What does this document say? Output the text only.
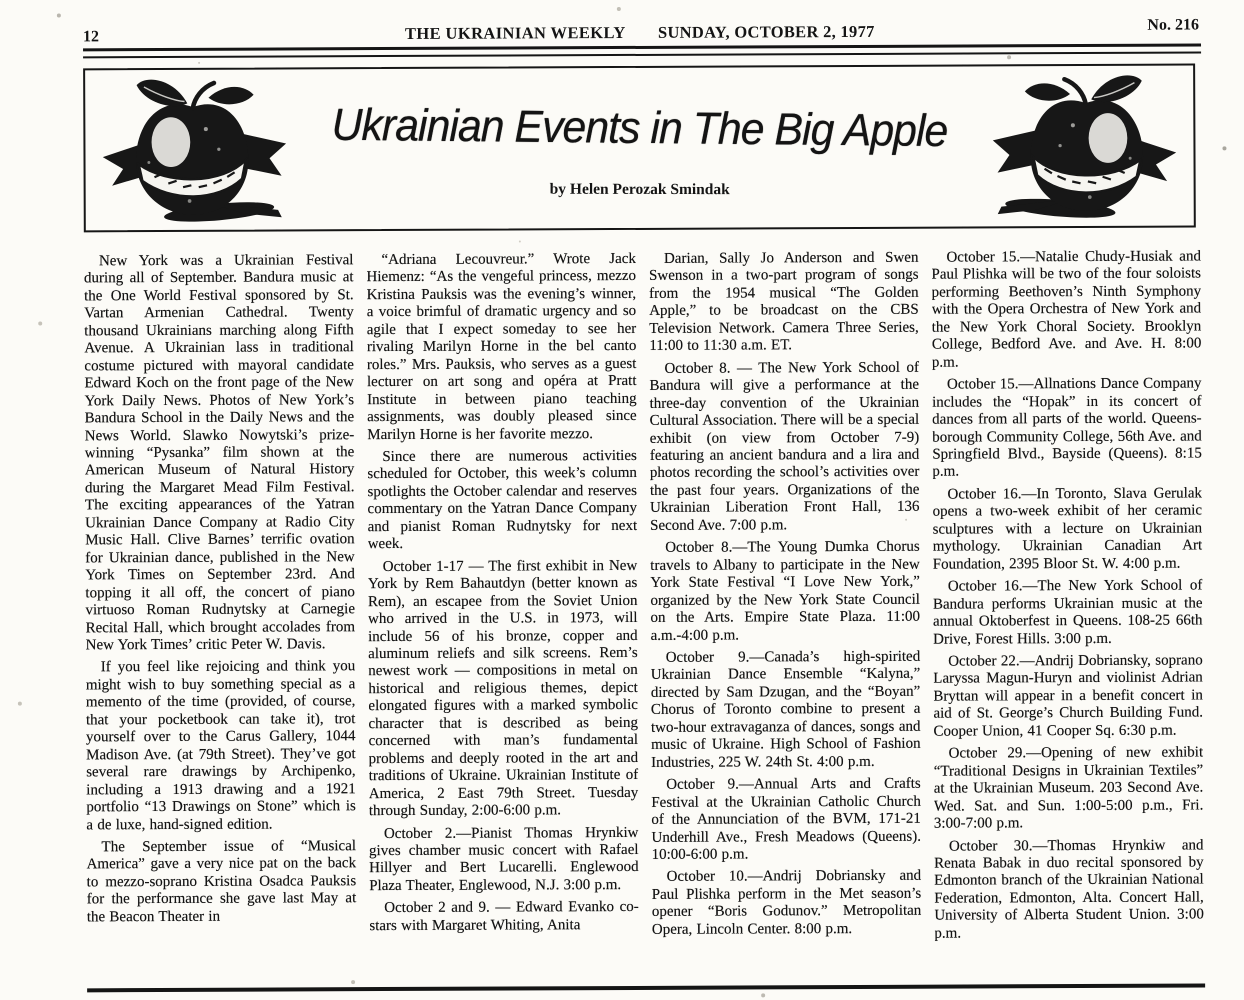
12	THE UKRAINIAN WEEKLY SUNDAY, OCTOBER 2, 1977	No. 216
Ukrainian Events in The Big Apple
by Helen Perozak Smindak

New York was a Ukrainian Festival during all of September. Bandura music at the One World Festival sponsored by St. Vartan Armenian Cathedral. Twenty thousand Ukrainians marching along Fifth Avenue. A Ukrainian lass in traditional costume pictured with mayoral candidate Edward Koch on the front page of the New York Daily News. Photos of New York’s Bandura School in the Daily News and the News World. Slawko Nowytski’s prize-winning “Pysanka” film shown at the American Museum of Natural History during the Margaret Mead Film Festival. The exciting appearances of the Yatran Ukrainian Dance Company at Radio City Music Hall. Clive Barnes’ terrific ovation for Ukrainian dance, published in the New York Times on September 23rd. And topping it all off, the concert of piano virtuoso Roman Rudnytsky at Carnegie Recital Hall, which brought accolades from New York Times’ critic Peter W. Davis.

If you feel like rejoicing and think you might wish to buy something special as a memento of the time (provided, of course, that your pocketbook can take it), trot yourself over to the Carus Gallery, 1044 Madison Ave. (at 79th Street). They’ve got several rare drawings by Archipenko, including a 1913 drawing and a 1921 portfolio “13 Drawings on Stone” which is a de luxe, hand-signed edition.

The September issue of “Musical America” gave a very nice pat on the back to mezzo-soprano Kristina Osadca Pauksis for the performance she gave last May at the Beacon Theater in

“Adriana Lecouvreur.” Wrote Jack Hiemenz: “As the vengeful princess, mezzo Kristina Pauksis was the evening’s winner, a voice brimful of dramatic urgency and so agile that I expect someday to see her rivaling Marilyn Horne in the bel canto roles.” Mrs. Pauksis, who serves as a guest lecturer on art song and opéra at Pratt Institute in between piano teaching assignments, was doubly pleased since Marilyn Horne is her favorite mezzo.

Since there are numerous activities scheduled for October, this week’s column spotlights the October calendar and reserves commentary on the Yatran Dance Company and pianist Roman Rudnytsky for next week.

October 1-17 — The first exhibit in New York by Rem Bahautdyn (better known as Rem), an escapee from the Soviet Union who arrived in the U.S. in 1973, will include 56 of his bronze, copper and aluminum reliefs and silk screens. Rem’s newest work — compositions in metal on historical and religious themes, depict elongated figures with a marked symbolic character that is described as being concerned with man’s fundamental problems and deeply rooted in the art and traditions of Ukraine. Ukrainian Institute of America, 2 East 79th Street. Tuesday through Sunday, 2:00-6:00 p.m.

October 2.—Pianist Thomas Hrynkiw gives chamber music concert with Rafael Hillyer and Bert Lucarelli. Englewood Plaza Theater, Englewood, N.J. 3:00 p.m.

October 2 and 9. — Edward Evanko co-stars with Margaret Whiting, Anita

Darian, Sally Jo Anderson and Swen Swenson in a two-part program of songs from the 1954 musical “The Golden Apple,” to be broadcast on the CBS Television Network. Camera Three Series, 11:00 to 11:30 a.m. ET.

October 8. — The New York School of Bandura will give a performance at the three-day convention of the Ukrainian Cultural Association. There will be a special exhibit (on view from October 7-9) featuring an ancient bandura and a lira and photos recording the school’s activities over the past four years. Organizations of the Ukrainian Liberation Front Hall, 136 Second Ave. 7:00 p.m.

October 8.—The Young Dumka Chorus travels to Albany to participate in the New York State Festival “I Love New York,” organized by the New York State Council on the Arts. Empire State Plaza. 11:00 a.m.-4:00 p.m.

October 9.—Canada’s high-spirited Ukrainian Dance Ensemble “Kalyna,” directed by Sam Dzugan, and the “Boyan” Chorus of Toronto combine to present a two-hour extravaganza of dances, songs and music of Ukraine. High School of Fashion Industries, 225 W. 24th St. 4:00 p.m.

October 9.—Annual Arts and Crafts Festival at the Ukrainian Catholic Church of the Annunciation of the BVM, 171-21 Underhill Ave., Fresh Meadows (Queens). 10:00-6:00 p.m.

October 10.—Andrij Dobriansky and Paul Plishka perform in the Met season’s opener “Boris Godunov.” Metropolitan Opera, Lincoln Center. 8:00 p.m.

October 15.—Natalie Chudy-Husiak and Paul Plishka will be two of the four soloists performing Beethoven’s Ninth Symphony with the Opera Orchestra of New York and the New York Choral Society. Brooklyn College, Bedford Ave. and Ave. H. 8:00 p.m.

October 15.—Allnations Dance Company includes the “Hopak” in its concert of dances from all parts of the world. Queens-borough Community College, 56th Ave. and Springfield Blvd., Bayside (Queens). 8:15 p.m.

October 16.—In Toronto, Slava Gerulak opens a two-week exhibit of her ceramic sculptures with a lecture on Ukrainian mythology. Ukrainian Canadian Art Foundation, 2395 Bloor St. W. 4:00 p.m.

October 16.—The New York School of Bandura performs Ukrainian music at the annual Oktoberfest in Queens. 108-25 66th Drive, Forest Hills. 3:00 p.m.

October 22.—Andrij Dobriansky, soprano Laryssa Magun-Huryn and violinist Adrian Bryttan will appear in a benefit concert in aid of St. George’s Church Building Fund. Cooper Union, 41 Cooper Sq. 6:30 p.m.

October 29.—Opening of new exhibit “Traditional Designs in Ukrainian Textiles” at the Ukrainian Museum. 203 Second Ave. Wed. Sat. and Sun. 1:00-5:00 p.m., Fri. 3:00-7:00 p.m.

October 30.—Thomas Hrynkiw and Renata Babak in duo recital sponsored by Edmonton branch of the Ukrainian National Federation, Edmonton, Alta. Concert Hall, University of Alberta Student Union. 3:00 p.m.
